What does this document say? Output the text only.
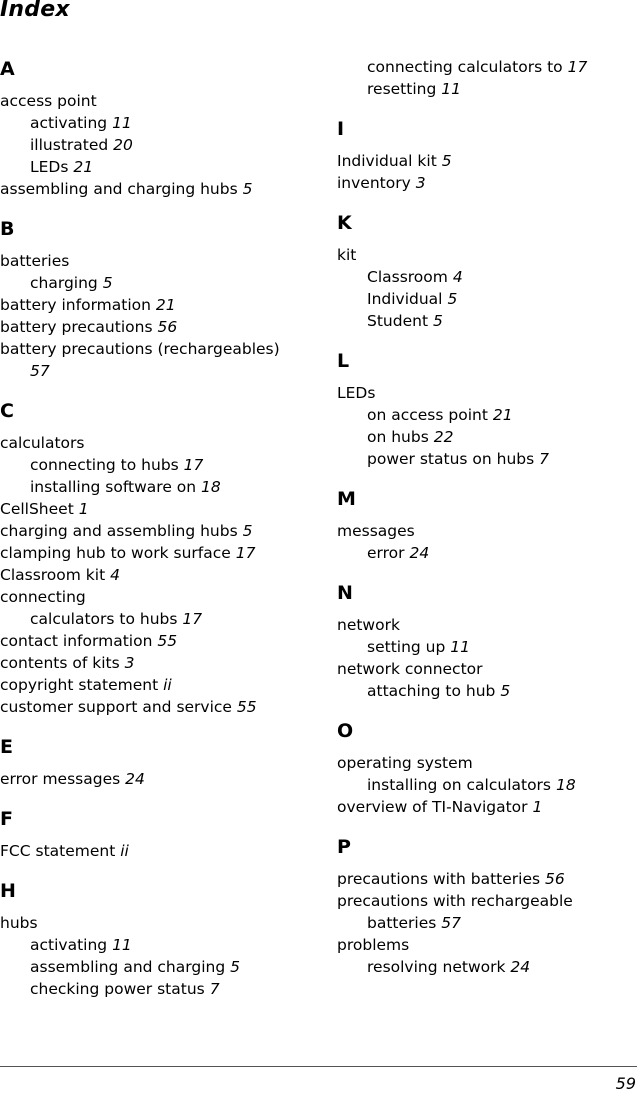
Index
A
access point
activating 11
illustrated 20
LEDs 21
assembling and charging hubs 5
B
batteries
charging 5
battery information 21
battery precautions 56
battery precautions (rechargeables)
57
C
calculators
connecting to hubs 17
installing software on 18
CellSheet 1
charging and assembling hubs 5
clamping hub to work surface 17
Classroom kit 4
connecting
calculators to hubs 17
contact information 55
contents of kits 3
copyright statement ii
customer support and service 55
E
error messages 24
F
FCC statement ii
H
hubs
activating 11
assembling and charging 5
checking power status 7
connecting calculators to 17
resetting 11
I
Individual kit 5
inventory 3
K
kit
Classroom 4
Individual 5
Student 5
L
LEDs
on access point 21
on hubs 22
power status on hubs 7
M
messages
error 24
N
network
setting up 11
network connector
attaching to hub 5
O
operating system
installing on calculators 18
overview of TI-Navigator 1
P
precautions with batteries 56
precautions with rechargeable
batteries 57
problems
resolving network 24
59
